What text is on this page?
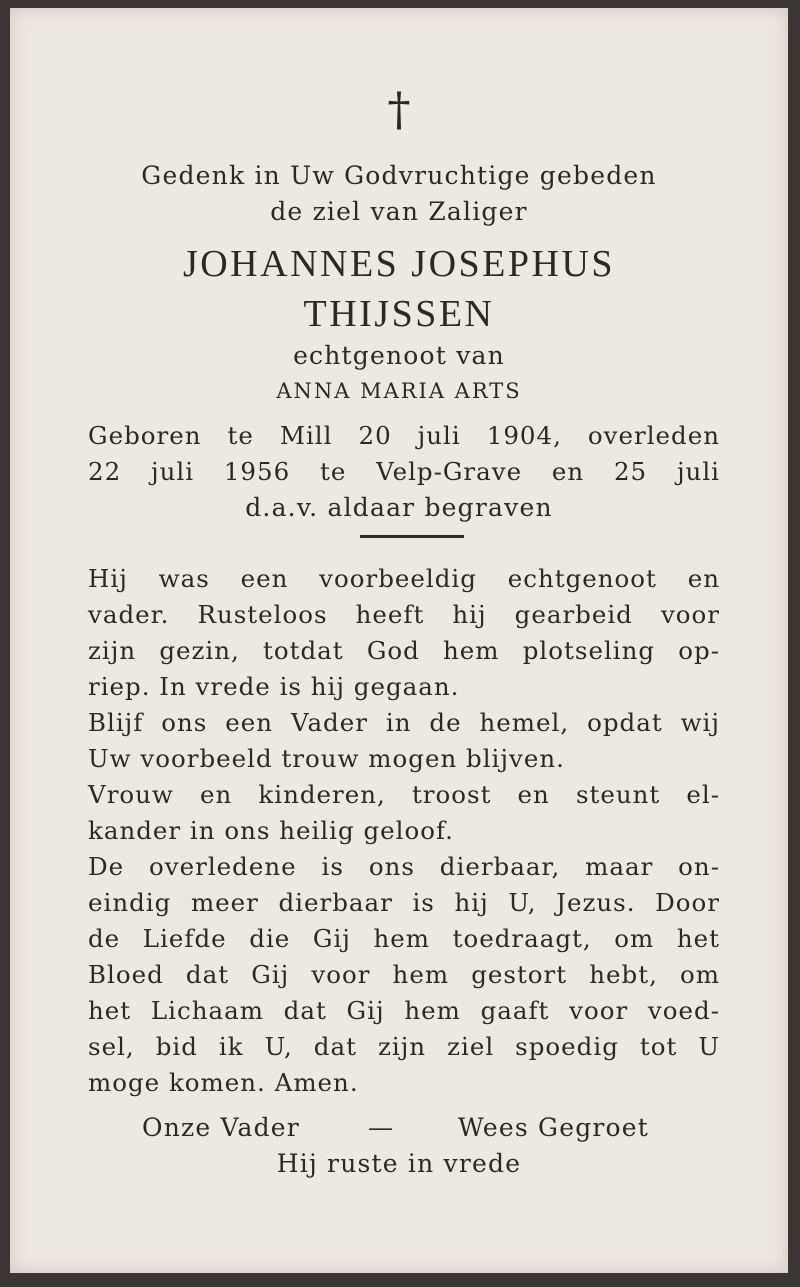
†
Gedenk in Uw Godvruchtige gebeden
de ziel van Zaliger
JOHANNES JOSEPHUS
THIJSSEN
echtgenoot van
ANNA MARIA ARTS
Geboren te Mill 20 juli 1904, overleden
22 juli 1956 te Velp-Grave en 25 juli
d.a.v. aldaar begraven
Hij was een voorbeeldig echtgenoot en
vader. Rusteloos heeft hij gearbeid voor
zijn gezin, totdat God hem plotseling op-
riep. In vrede is hij gegaan.
Blijf ons een Vader in de hemel, opdat wij
Uw voorbeeld trouw mogen blijven.
Vrouw en kinderen, troost en steunt el-
kander in ons heilig geloof.
De overledene is ons dierbaar, maar on-
eindig meer dierbaar is hij U, Jezus. Door
de Liefde die Gij hem toedraagt, om het
Bloed dat Gij voor hem gestort hebt, om
het Lichaam dat Gij hem gaaft voor voed-
sel, bid ik U, dat zijn ziel spoedig tot U
moge komen. Amen.
Onze Vader	—	Wees Gegroet
Hij ruste in vrede
